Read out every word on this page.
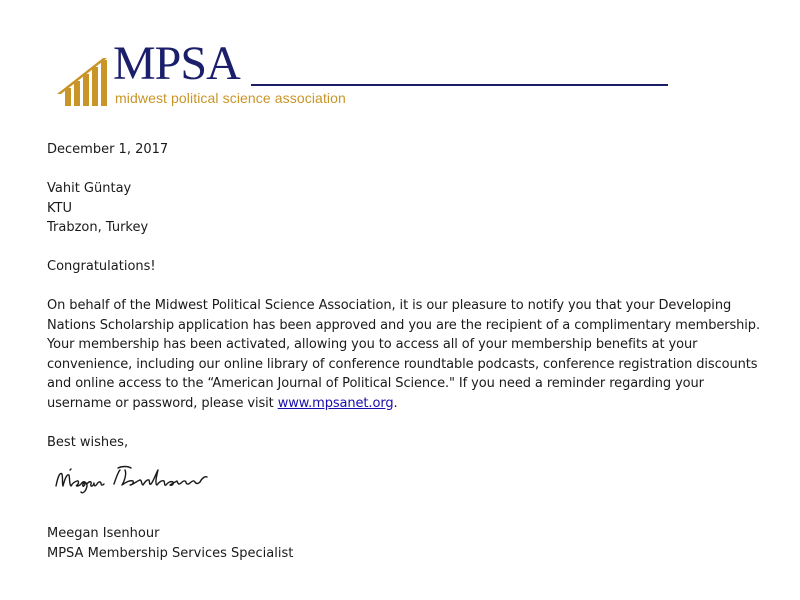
MPSA
midwest political science association

December 1, 2017

Vahit Güntay

KTU

Trabzon, Turkey

Congratulations!

On behalf of the Midwest Political Science Association, it is our pleasure to notify you that your Developing Nations Scholarship application has been approved and you are the recipient of a complimentary membership. Your membership has been activated, allowing you to access all of your membership benefits at your convenience, including our online library of conference roundtable podcasts, conference registration discounts and online access to the “American Journal of Political Science." If you need a reminder regarding your username or password, please visit www.mpsanet.org.

Best wishes,

Meegan Isenhour
MPSA Membership Services Specialist
